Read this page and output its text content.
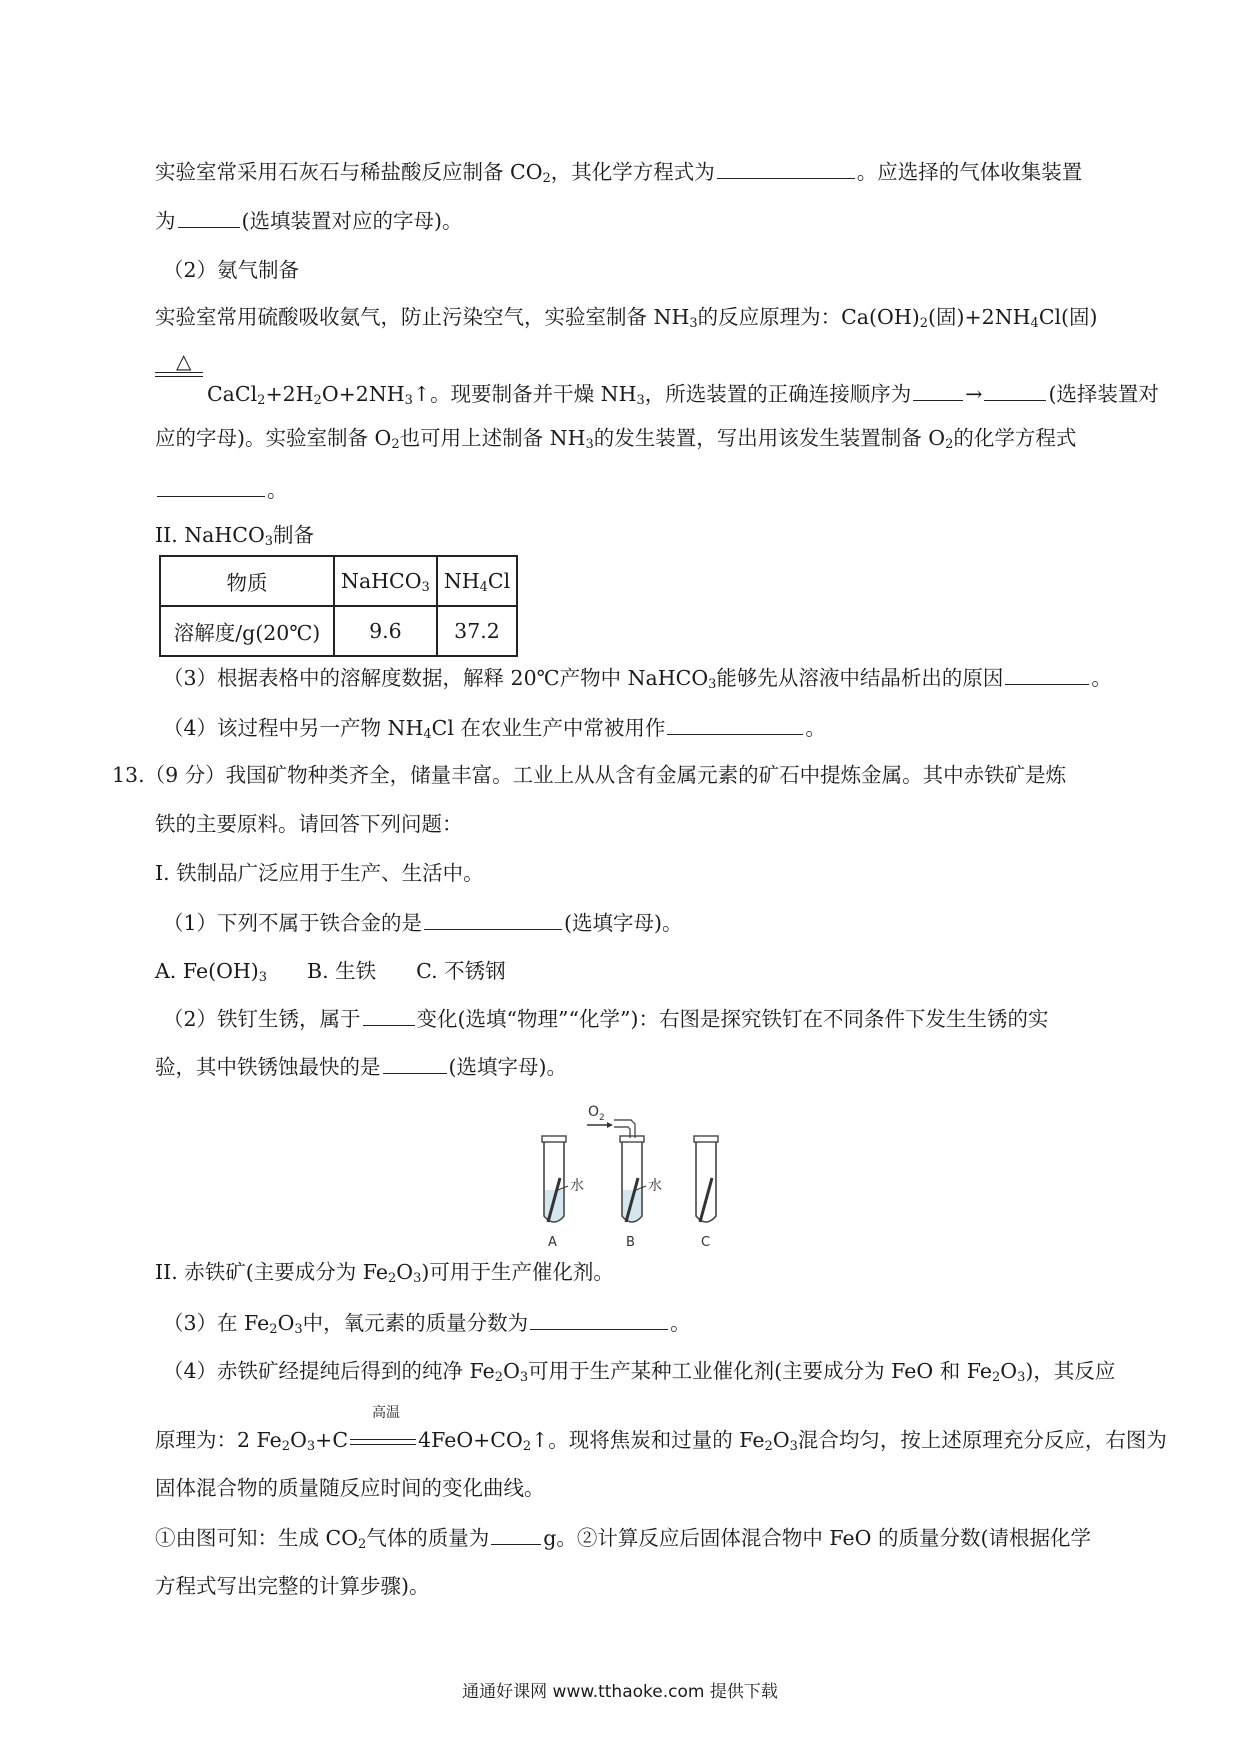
实验室常采用石灰石与稀盐酸反应制备 $CO_2$，其化学方程式为	。应选择的气体收集装置
为	(选填装置对应的字母)。
（2）氨气制备
实验室常用硫酸吸收氨气，防止污染空气，实验室制备 $NH_3$的反应原理为：$Ca(OH)_2$(固)$+2NH_4Cl$(固)
△
$CaCl_2+2H_2O+2NH_3↑$。现要制备并干燥 $NH_3$，所选装置的正确连接顺序为	→	(选择装置对
应的字母)。实验室制备 $O_2$也可用上述制备 $NH_3$的发生装置，写出用该发生装置制备 $O_2$的化学方程式
。
II. NaHCO$_3$制备
物质	NaHCO$_3$	$NH_4Cl$
溶解度/g(20℃)	9.6	37.2
（3）根据表格中的溶解度数据，解释 20℃产物中 NaHCO$_3$能够先从溶液中结晶析出的原因	。
（4）该过程中另一产物 $NH_4Cl$ 在农业生产中常被用作	。
13.（9 分）我国矿物种类齐全，储量丰富。工业上从从含有金属元素的矿石中提炼金属。其中赤铁矿是炼
铁的主要原料。请回答下列问题：
I. 铁制品广泛应用于生产、生活中。
（1）下列不属于铁合金的是	(选填字母)。
A. $Fe(OH)_3$ B. 生铁 C. 不锈钢
（2）铁钉生锈，属于	变化(选填“物理”“化学”)：右图是探究铁钉在不同条件下发生生锈的实
验，其中铁锈蚀最快的是	(选填字母)。
O 2
水
A
水
B	C
II. 赤铁矿(主要成分为 $Fe_2O_3$)可用于生产催化剂。
（3）在 $Fe_2O_3$中，氧元素的质量分数为	。
（4）赤铁矿经提纯后得到的纯净 $Fe_2O_3$可用于生产某种工业催化剂(主要成分为 FeO 和 $Fe_2O_3$)，其反应
高温
原理为：2 $Fe_2O_3+C$	$4FeO+CO_2↑$。现将焦炭和过量的 $Fe_2O_3$混合均匀，按上述原理充分反应，右图为
固体混合物的质量随反应时间的变化曲线。
①由图可知：生成 $CO_2$气体的质量为	g。②计算反应后固体混合物中 FeO 的质量分数(请根据化学
方程式写出完整的计算步骤)。
通通好课网 www.tthaoke.com 提供下载
